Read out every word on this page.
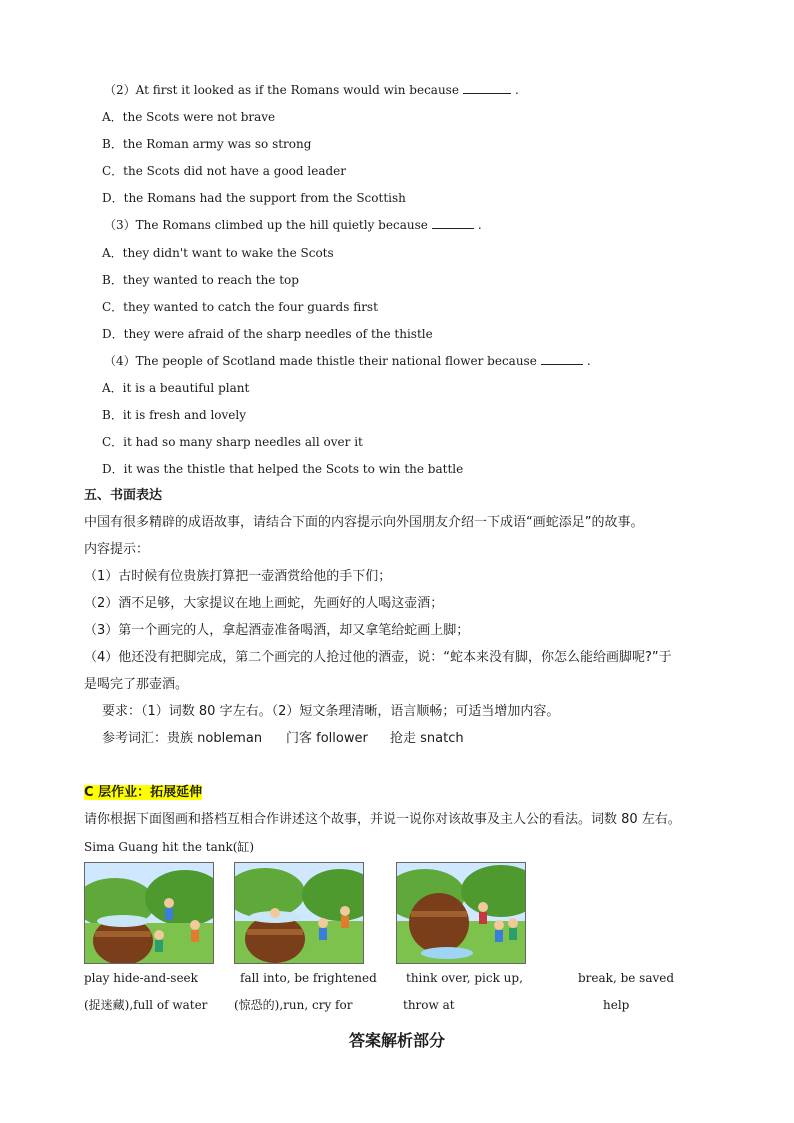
（2）At first it looked as if the Romans would win because	.
A．the Scots were not brave
B．the Roman army was so strong
C．the Scots did not have a good leader
D．the Romans had the support from the Scottish
（3）The Romans climbed up the hill quietly because	.
A．they didn't want to wake the Scots
B．they wanted to reach the top
C．they wanted to catch the four guards first
D．they were afraid of the sharp needles of the thistle
（4）The people of Scotland made thistle their national flower because	.
A．it is a beautiful plant
B．it is fresh and lovely
C．it had so many sharp needles all over it
D．it was the thistle that helped the Scots to win the battle
五、书面表达
中国有很多精辟的成语故事，请结合下面的内容提示向外国朋友介绍一下成语“画蛇添足”的故事。
内容提示：
（1）古时候有位贵族打算把一壶酒赏给他的手下们；
（2）酒不足够，大家提议在地上画蛇，先画好的人喝这壶酒；
（3）第一个画完的人，拿起酒壶准备喝酒，却又拿笔给蛇画上脚；
（4）他还没有把脚完成，第二个画完的人抢过他的酒壶，说：“蛇本来没有脚，你怎么能给画脚呢?”于
是喝完了那壶酒。
要求：（1）词数 80 字左右。（2）短文条理清晰，语言顺畅；可适当增加内容。
参考词汇：贵族 nobleman 门客 follower 抢走 snatch
C 层作业：拓展延伸
请你根据下面图画和搭档互相合作讲述这个故事，并说一说你对该故事及主人公的看法。词数 80 左右。
Sima Guang hit the tank(缸)
play hide-and-seek
(捉迷藏),full of water
fall into, be frightened
(惊恐的),run, cry for
think over, pick up,
throw at
break, be saved
help
答案解析部分
